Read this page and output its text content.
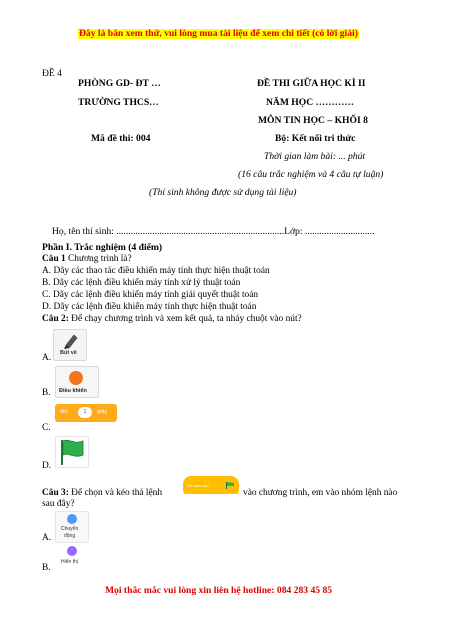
Đây là bản xem thử, vui lòng mua tài liệu để xem chi tiết (có lời giải)
ĐỀ 4
PHÒNG GD- ĐT …
TRƯỜNG THCS…
Mã đề thi: 004
ĐỀ THI GIỮA HỌC KÌ II
NĂM HỌC …………
MÔN TIN HỌC – KHỐI 8
Bộ: Kết nối tri thức
Thời gian làm bài: ... phút
(16 câu trắc nghiệm và 4 câu tự luận)
(Thí sinh không được sử dụng tài liệu)
Họ, tên thí sinh: ......................................................................Lớp: .............................
Phần I. Trắc nghiệm (4 điểm)
Câu 1 Chương trình là?
A. Dãy các thao tác điều khiển máy tính thực hiện thuật toán
B. Dãy các lệnh điều khiển máy tính xử lý thuật toán
C. Dãy các lệnh điều khiển máy tính giải quyết thuật toán
D. Dãy các lệnh điều khiển máy tính thực hiện thuật toán
Câu 2: Để chạy chương trình và xem kết quả, ta nháy chuột vào nút?
A. Bút vẽ
B. Điều khiển
C.
đợi	1	giây
D.
Câu 3: Để chọn và kéo thả lệnh
khi bấm vào
vào chương trình, em vào nhóm lệnh nào
sau đây?
A.
Chuyển
động
B.
Hiển thị
Mọi thắc mắc vui lòng xin liên hệ hotline: 084 283 45 85
